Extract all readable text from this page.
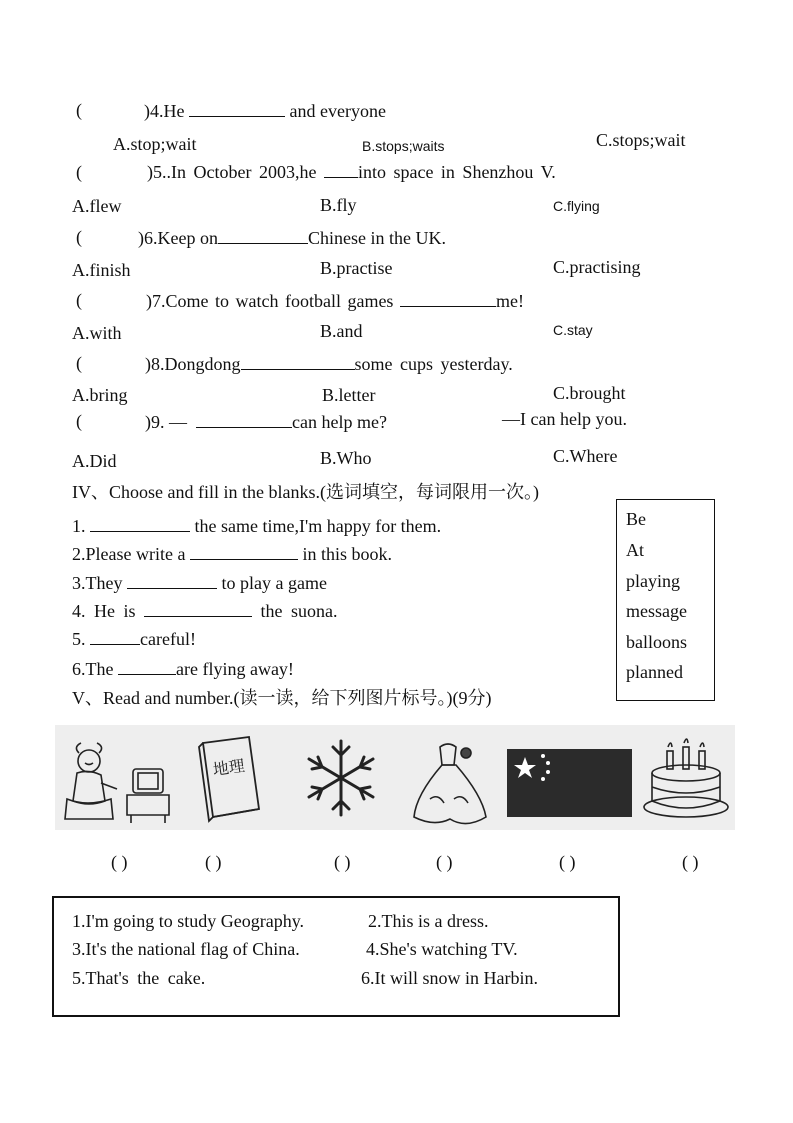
(	)4.He	and everyone
A.stop;wait	B.stops;waits	C.stops;wait
(	)5..In October 2003,he into space in Shenzhou V.
A.flew	B.fly	C.flying
(	)6.Keep on	Chinese in the UK.
A.finish	B.practise	C.practising
(	)7.Come to watch football games	me!
A.with	B.and	C.stay
(	)8.Dongdong	some cups yesterday.
A.bring	B.letter	C.brought
(	)9. —	can help me?	—I can help you.
A.Did	B.Who	C.Where
IV、Choose and fill in the blanks.(选词填空，每词限用一次。)
1.	the same time,I'm happy for them.
2.Please write a	in this book.
3.They	to play a game
4. He is	the suona.
5.	careful!
6.The	are flying away!
Be
At
playing
message
balloons
planned
V、Read and number.(读一读，给下列图片标号。)(9分)
地理
( )	( )	( )	( )	( )	( )
1.I'm going to study Geography.	2.This is a dress.
3.It's the national flag of China.	4.She's watching TV.
5.That's the cake.	6.It will snow in Harbin.
